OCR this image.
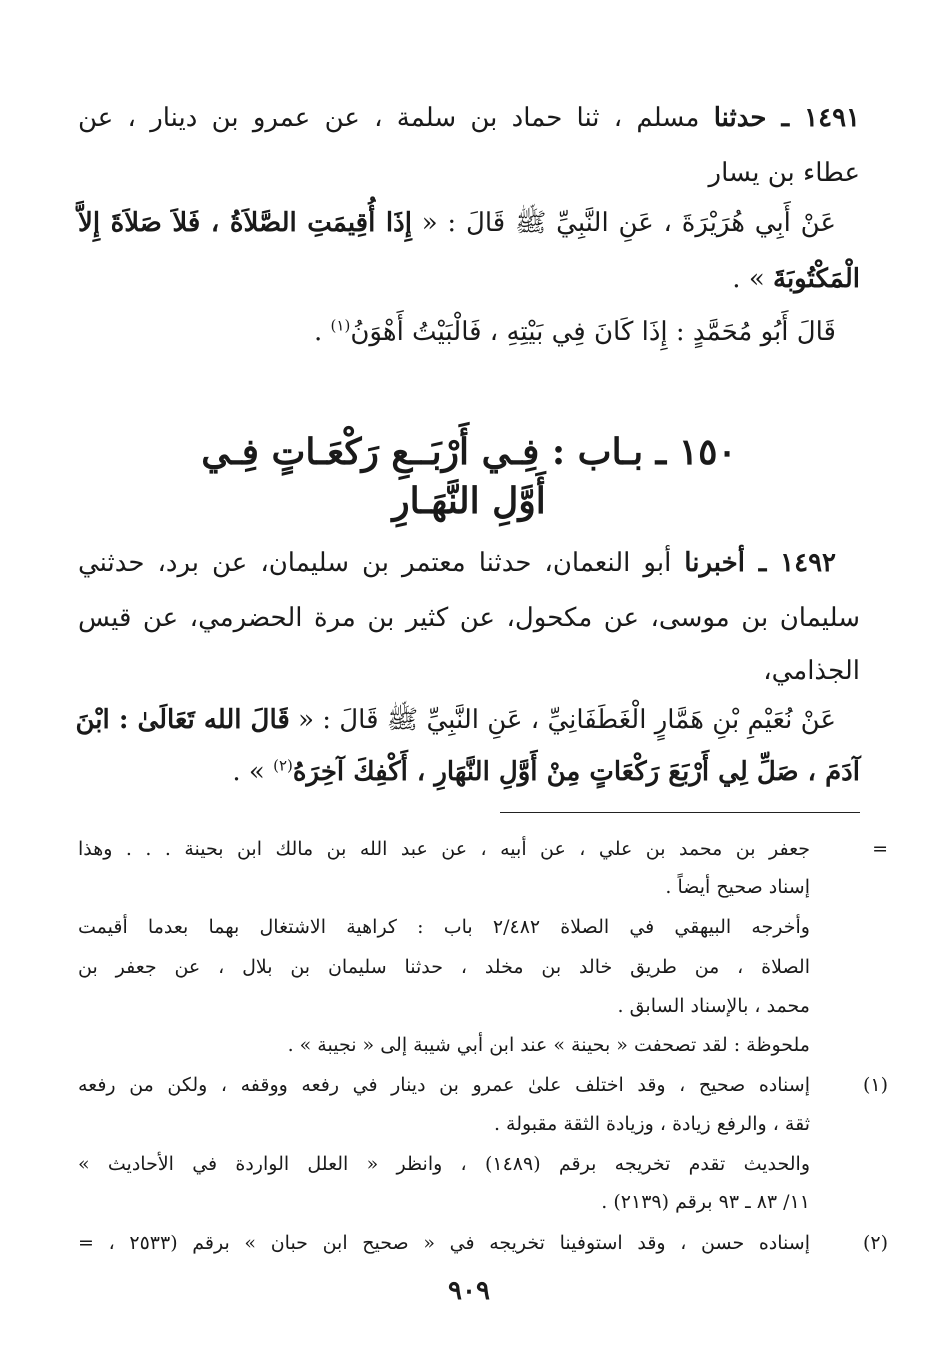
١٤٩١ ـ حدثنا مسلم ، ثنا حماد بن سلمة ، عن عمرو بن دينار ، عن
عطاء بن يسار
عَنْ أَبِي هُرَيْرَةَ ، عَنِ النَّبِيِّ ﷺ قَالَ : « إِذَا أُقِيمَتِ الصَّلاَةُ ، فَلاَ صَلاَةَ إِلاَّ
الْمَكْتُوبَةَ » .
قَالَ أَبُو مُحَمَّدٍ : إِذَا كَانَ فِي بَيْتِهِ ، فَالْبَيْتُ أَهْوَنُ$^{(١)}$ .
١٥٠ ـ بـاب : فِـي أَرْبَــعِ رَكْعَـاتٍ فِـي
أَوَّلِ النَّهَـارِ
١٤٩٢ ـ أخبرنا أبو النعمان، حدثنا معتمر بن سليمان، عن برد، حدثني
سليمان بن موسى، عن مكحول، عن كثير بن مرة الحضرمي، عن قيس
الجذامي،
عَنْ نُعَيْمِ بْنِ هَمَّارٍ الْغَطَفَانِيِّ ، عَنِ النَّبِيِّ ﷺ قَالَ : « قَالَ الله تَعَالَىٰ : ابْنَ
آدَمَ ، صَلِّ لِي أَرْبَعَ رَكْعَاتٍ مِنْ أَوَّلِ النَّهَارِ ، أَكْفِكَ آخِرَهُ$^{(٢)}$ » .
=
جعفر بن محمد بن علي ، عن أبيه ، عن عبد الله بن مالك ابن بحينة . . . وهذا
إسناد صحيح أيضاً .
وأخرجه البيهقي في الصلاة ٢/٤٨٢ باب : كراهية الاشتغال بهما بعدما أقيمت
الصلاة ، من طريق خالد بن مخلد ، حدثنا سليمان بن بلال ، عن جعفر بن
محمد ، بالإسناد السابق .
ملحوظة : لقد تصحفت « بحينة » عند ابن أبي شيبة إلى « نجيبة » .
(١)
إسناده صحيح ، وقد اختلف علىٰ عمرو بن دينار في رفعه ووقفه ، ولكن من رفعه
ثقة ، والرفع زيادة ، وزيادة الثقة مقبولة .
والحديث تقدم تخريجه برقم (١٤٨٩) ، وانظر « العلل الواردة في الأحاديث »
١١/ ٨٣ ـ ٩٣ برقم (٢١٣٩) .
(٢)
إسناده حسن ، وقد استوفينا تخريجه في « صحيح ابن حبان » برقم (٢٥٣٣ ، =
٩٠٩
